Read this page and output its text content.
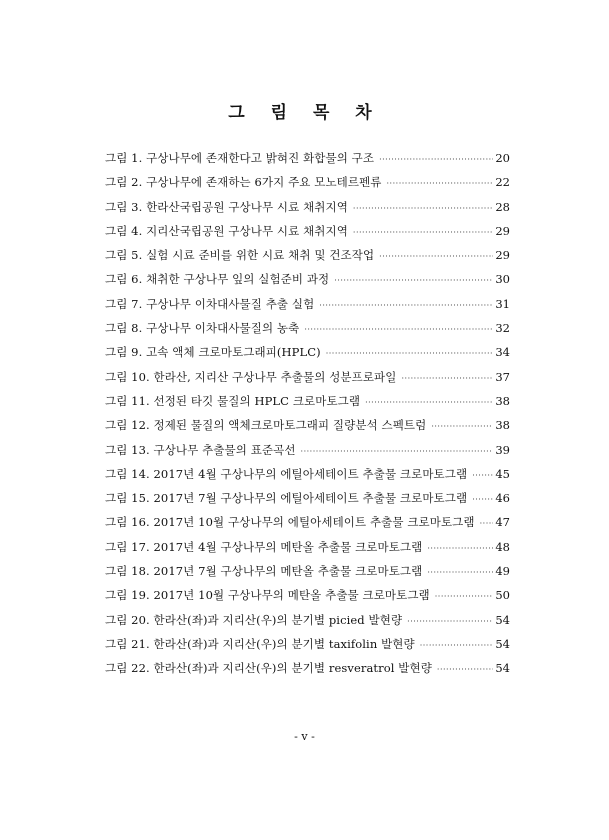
그 림 목 차
그림 1. 구상나무에 존재한다고 밝혀진 화합물의 구조 ·····	20
그림 2. 구상나무에 존재하는 6가지 주요 모노테르펜류 ·····	22
그림 3. 한라산국립공원 구상나무 시료 채취지역 ·····	28
그림 4. 지리산국립공원 구상나무 시료 채취지역 ·····	29
그림 5. 실험 시료 준비를 위한 시료 채취 및 건조작업 ·····	29
그림 6. 채취한 구상나무 잎의 실험준비 과정 ·····	30
그림 7. 구상나무 이차대사물질 추출 실험 ·····	31
그림 8. 구상나무 이차대사물질의 농축 ·····	32
그림 9. 고속 액체 크로마토그래피(HPLC) ·····	34
그림 10. 한라산, 지리산 구상나무 추출물의 성분프로파일 ·····	37
그림 11. 선정된 타깃 물질의 HPLC 크로마토그램 ·····	38
그림 12. 정제된 물질의 액체크로마토그래피 질량분석 스펙트럼 ·····	38
그림 13. 구상나무 추출물의 표준곡선 ·····	39
그림 14. 2017년 4월 구상나무의 에틸아세테이트 추출물 크로마토그램 ····· 45
그림 15. 2017년 7월 구상나무의 에틸아세테이트 추출물 크로마토그램 ····· 46
그림 16. 2017년 10월 구상나무의 에틸아세테이트 추출물 크로마토그램 ····· 47
그림 17. 2017년 4월 구상나무의 메탄올 추출물 크로마토그램 ·····	48
그림 18. 2017년 7월 구상나무의 메탄올 추출물 크로마토그램 ·····	49
그림 19. 2017년 10월 구상나무의 메탄올 추출물 크로마토그램 ·····	50
그림 20. 한라산(좌)과 지리산(우)의 분기별 picied 발현량 ·····	54
그림 21. 한라산(좌)과 지리산(우)의 분기별 taxifolin 발현량 ·····	54
그림 22. 한라산(좌)과 지리산(우)의 분기별 resveratrol 발현량 ·····	54
- v -
